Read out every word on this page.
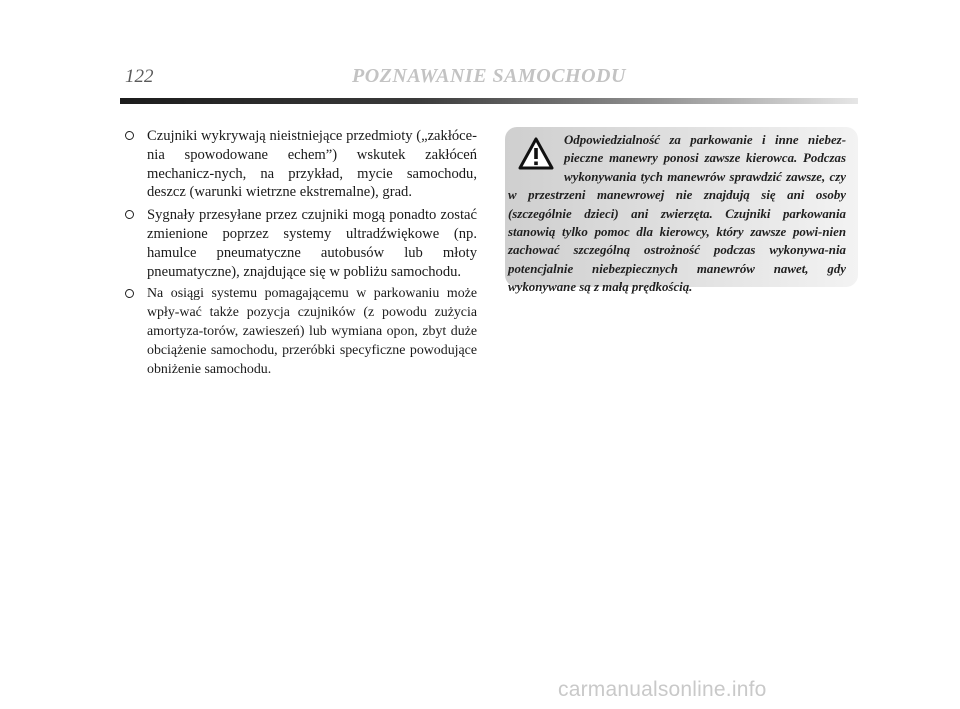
122	POZNAWANIE SAMOCHODU
Czujniki wykrywają nieistniejące przedmioty („zakłóce-nia spowodowane echem”) wskutek zakłóceń mechanicz-nych, na przykład, mycie samochodu, deszcz (warunki wietrzne ekstremalne), grad.
Sygnały przesyłane przez czujniki mogą ponadto zostać zmienione poprzez systemy ultradźwiękowe (np. hamulce pneumatyczne autobusów lub młoty pneumatyczne), znajdujące się w pobliżu samochodu.
Na osiągi systemu pomagającemu w parkowaniu może wpły-wać także pozycja czujników (z powodu zużycia amortyza-torów, zawieszeń) lub wymiana opon, zbyt duże obciążenie samochodu, przeróbki specyficzne powodujące obniżenie samochodu.

Odpowiedzialność za parkowanie i inne niebez-pieczne manewry ponosi zawsze kierowca. Podczas wykonywania tych manewrów sprawdzić zawsze, czy w przestrzeni manewrowej nie znajdują się ani osoby (szczególnie dzieci) ani zwierzęta. Czujniki parkowania stanowią tylko pomoc dla kierowcy, który zawsze powi-nien zachować szczególną ostrożność podczas wykonywa-nia potencjalnie niebezpiecznych manewrów nawet, gdy wykonywane są z małą prędkością.

carmanualsonline.info
